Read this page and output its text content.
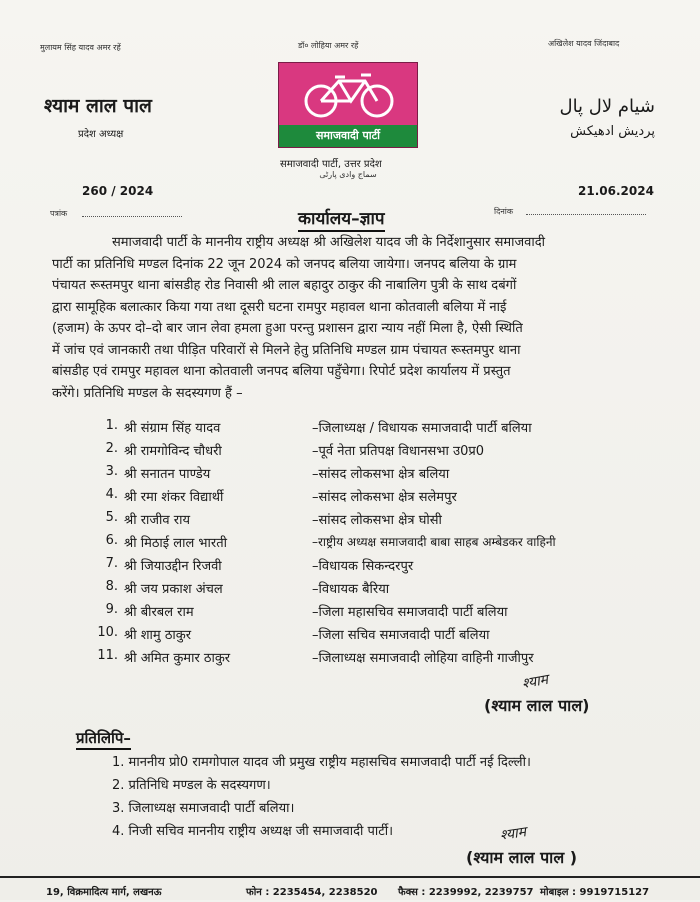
मुलायम सिंह यादव अमर रहें	डॉ० लोहिया अमर रहें	अखिलेश यादव जिंदाबाद
श्याम लाल पाल
प्रदेश अध्यक्ष	समाजवादी पार्टी
समाजवादी पार्टी, उत्तर प्रदेश
سماج وادی پارٹی
شیام لال پال
پردیش ادھیکش
260 / 2024	21.06.2024
पत्रांक	दिनांक
कार्यालय–ज्ञाप
समाजवादी पार्टी के माननीय राष्ट्रीय अध्यक्ष श्री अखिलेश यादव जी के निर्देशानुसार समाजवादी
पार्टी का प्रतिनिधि मण्डल दिनांक 22 जून 2024 को जनपद बलिया जायेगा। जनपद बलिया के ग्राम
पंचायत रूस्तमपुर थाना बांसडीह रोड निवासी श्री लाल बहादुर ठाकुर की नाबालिग पुत्री के साथ दबंगों
द्वारा सामूहिक बलात्कार किया गया तथा दूसरी घटना रामपुर महावल थाना कोतवाली बलिया में नाई
(हजाम) के ऊपर दो–दो बार जान लेवा हमला हुआ परन्तु प्रशासन द्वारा न्याय नहीं मिला है, ऐसी स्थिति
में जांच एवं जानकारी तथा पीड़ित परिवारों से मिलने हेतु प्रतिनिधि मण्डल ग्राम पंचायत रूस्तमपुर थाना
बांसडीह एवं रामपुर महावल थाना कोतवाली जनपद बलिया पहुँचेगा। रिपोर्ट प्रदेश कार्यालय में प्रस्तुत
करेंगे। प्रतिनिधि मण्डल के सदस्यगण हैं –
1. श्री संग्राम सिंह यादव	–जिलाध्यक्ष / विधायक समाजवादी पार्टी बलिया
2. श्री रामगोविन्द चौधरी	–पूर्व नेता प्रतिपक्ष विधानसभा उ0प्र0
3. श्री सनातन पाण्डेय	–सांसद लोकसभा क्षेत्र बलिया
4. श्री रमा शंकर विद्यार्थी	–सांसद लोकसभा क्षेत्र सलेमपुर
5. श्री राजीव राय	–सांसद लोकसभा क्षेत्र घोसी
6. श्री मिठाई लाल भारती	–राष्ट्रीय अध्यक्ष समाजवादी बाबा साहब अम्बेडकर वाहिनी
7. श्री जियाउद्दीन रिजवी	–विधायक सिकन्दरपुर
8. श्री जय प्रकाश अंचल	–विधायक बैरिया
9. श्री बीरबल राम	–जिला महासचिव समाजवादी पार्टी बलिया
10. श्री शामु ठाकुर	–जिला सचिव समाजवादी पार्टी बलिया
11. श्री अमित कुमार ठाकुर	–जिलाध्यक्ष समाजवादी लोहिया वाहिनी गाजीपुर
श्याम
(श्याम लाल पाल)
प्रतिलिपि–
1. माननीय प्रो0 रामगोपाल यादव जी प्रमुख राष्ट्रीय महासचिव समाजवादी पार्टी नई दिल्ली।
2. प्रतिनिधि मण्डल के सदस्यगण।
3. जिलाध्यक्ष समाजवादी पार्टी बलिया।
4. निजी सचिव माननीय राष्ट्रीय अध्यक्ष जी समाजवादी पार्टी।	श्याम
(श्याम लाल पाल )
19, विक्रमादित्य मार्ग, लखनऊ	फोन : 2235454, 2238520 फैक्स : 2239992, 2239757 मोबाइल : 9919715127
